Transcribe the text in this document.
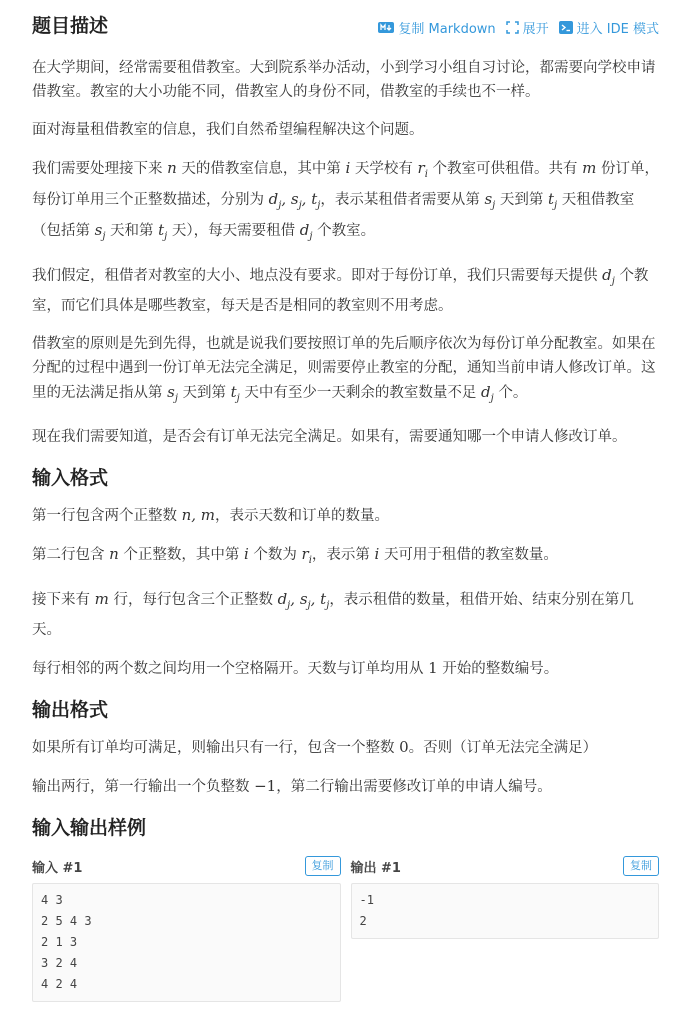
题目描述	复制 Markdown 展开 进入 IDE 模式

在大学期间，经常需要租借教室。大到院系举办活动，小到学习小组自习讨论，都需要向学校申请借教室。教室的大小功能不同，借教室人的身份不同，借教室的手续也不一样。

面对海量租借教室的信息，我们自然希望编程解决这个问题。

我们需要处理接下来 n 天的借教室信息，其中第 i 天学校有 $r_i$ 个教室可供租借。共有 m 份订单，每份订单用三个正整数描述，分别为 $d_j$, $s_j$, $t_j$，表示某租借者需要从第 $s_j$ 天到第 $t_j$ 天租借教室（包括第 $s_j$ 天和第 $t_j$ 天），每天需要租借 $d_j$ 个教室。

我们假定，租借者对教室的大小、地点没有要求。即对于每份订单，我们只需要每天提供 $d_j$ 个教室，而它们具体是哪些教室，每天是否是相同的教室则不用考虑。

借教室的原则是先到先得，也就是说我们要按照订单的先后顺序依次为每份订单分配教室。如果在分配的过程中遇到一份订单无法完全满足，则需要停止教室的分配，通知当前申请人修改订单。这里的无法满足指从第 $s_j$ 天到第 $t_j$ 天中有至少一天剩余的教室数量不足 $d_j$ 个。

现在我们需要知道，是否会有订单无法完全满足。如果有，需要通知哪一个申请人修改订单。

输入格式

第一行包含两个正整数 n, m，表示天数和订单的数量。

第二行包含 n 个正整数，其中第 i 个数为 $r_i$，表示第 i 天可用于租借的教室数量。

接下来有 m 行，每行包含三个正整数 $d_j$, $s_j$, $t_j$，表示租借的数量，租借开始、结束分别在第几天。

每行相邻的两个数之间均用一个空格隔开。天数与订单均用从 1 开始的整数编号。

输出格式

如果所有订单均可满足，则输出只有一行，包含一个整数 0。否则（订单无法完全满足）

输出两行，第一行输出一个负整数 −1，第二行输出需要修改订单的申请人编号。

输入输出样例
输入 #1	复制
4 3
2 5 4 3
2 1 3
3 2 4
4 2 4
输出 #1	复制
-1
2
